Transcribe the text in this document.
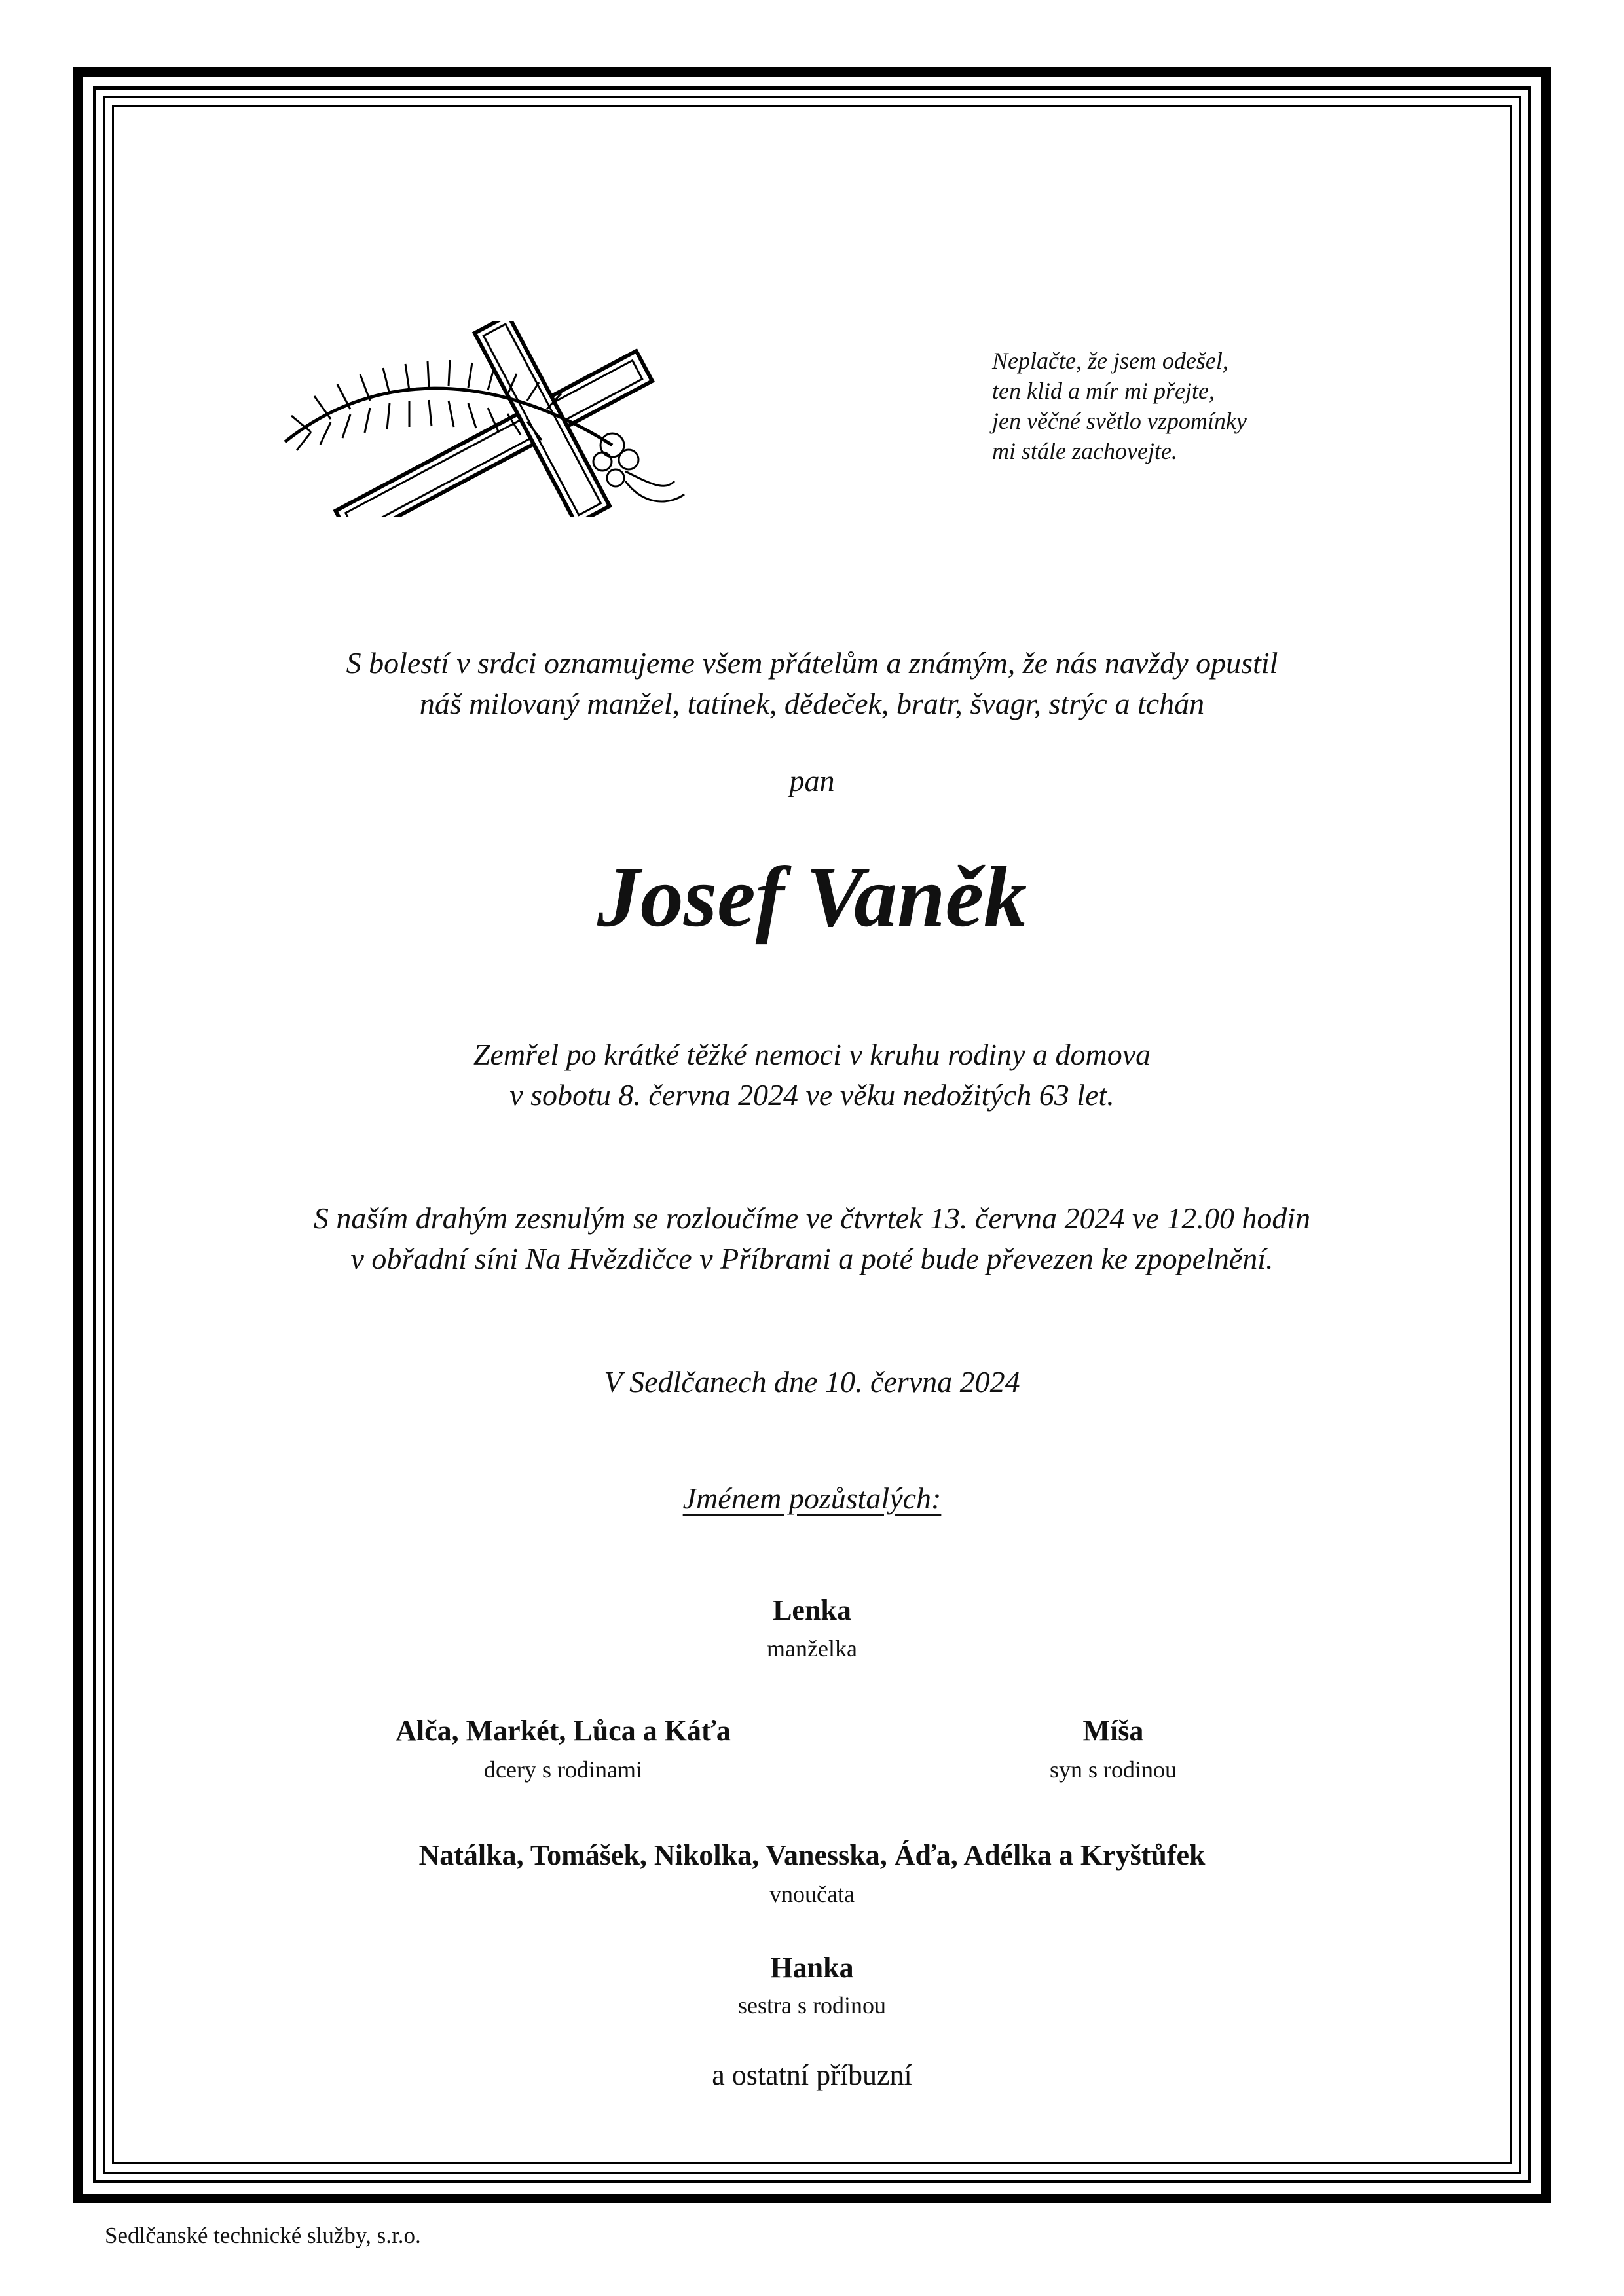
Neplačte, že jsem odešel,
ten klid a mír mi přejte,
jen věčné světlo vzpomínky
mi stále zachovejte.
S bolestí v srdci oznamujeme všem přátelům a známým, že nás navždy opustil
náš milovaný manžel, tatínek, dědeček, bratr, švagr, strýc a tchán
pan
Josef Vaněk
Zemřel po krátké těžké nemoci v kruhu rodiny a domova
v sobotu 8. června 2024 ve věku nedožitých 63 let.
S naším drahým zesnulým se rozloučíme ve čtvrtek 13. června 2024 ve 12.00 hodin
v obřadní síni Na Hvězdičce v Příbrami a poté bude převezen ke zpopelnění.
V Sedlčanech dne 10. června 2024
Jménem pozůstalých:
Lenka
manželka
Alča, Markét, Lůca a Káťa
dcery s rodinami
Míša
syn s rodinou
Natálka, Tomášek, Nikolka, Vanesska, Áďa, Adélka a Kryštůfek
vnoučata
Hanka
sestra s rodinou
a ostatní příbuzní
Sedlčanské technické služby, s.r.o.
